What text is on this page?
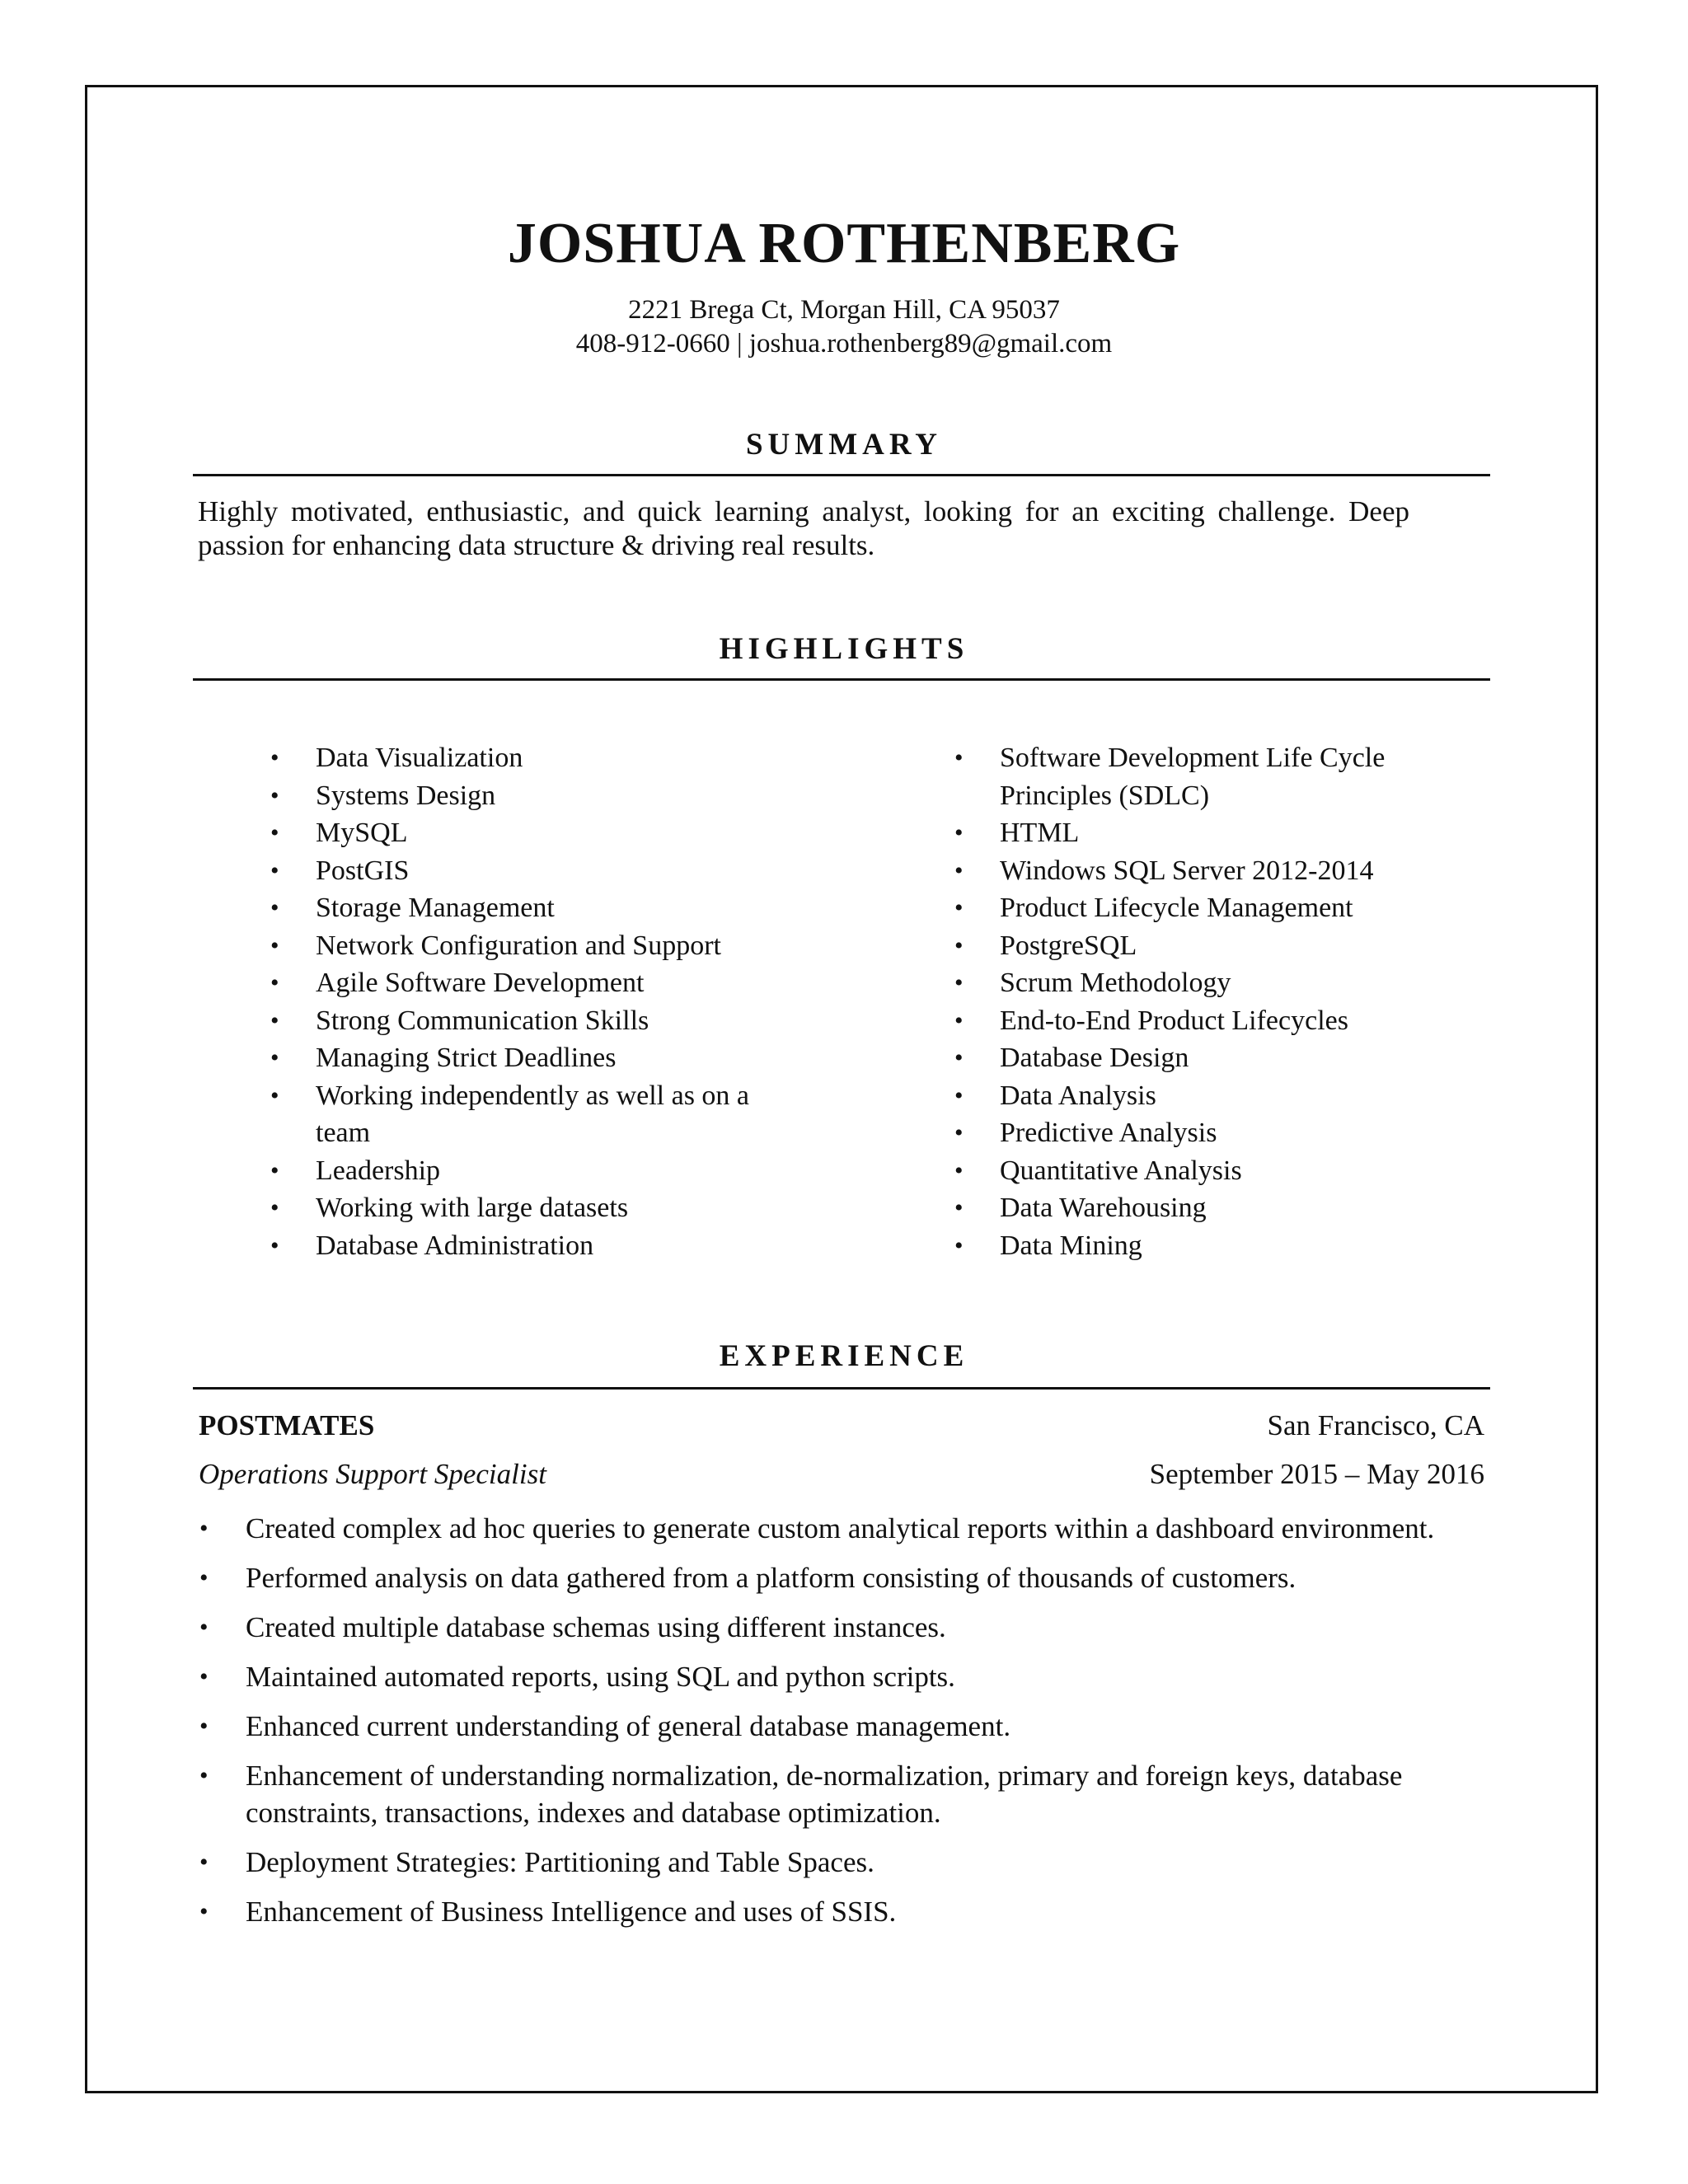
JOSHUA ROTHENBERG
2221 Brega Ct, Morgan Hill, CA 95037
408-912-0660 | joshua.rothenberg89@gmail.com
SUMMARY

Highly motivated, enthusiastic, and quick learning analyst, looking for an exciting challenge. Deep passion for enhancing data structure & driving real results.

HIGHLIGHTS
• Data Visualization
• Systems Design
• MySQL
• PostGIS
• Storage Management
• Network Configuration and Support
• Agile Software Development
• Strong Communication Skills
• Managing Strict Deadlines
• Working independently as well as on a team
• Leadership
• Working with large datasets
• Database Administration
• Software Development Life Cycle Principles (SDLC)
• HTML
• Windows SQL Server 2012-2014
• Product Lifecycle Management
• PostgreSQL
• Scrum Methodology
• End-to-End Product Lifecycles
• Database Design
• Data Analysis
• Predictive Analysis
• Quantitative Analysis
• Data Warehousing
• Data Mining
EXPERIENCE
POSTMATES	San Francisco, CA
Operations Support Specialist	September 2015 – May 2016
• Created complex ad hoc queries to generate custom analytical reports within a dashboard environment.
• Performed analysis on data gathered from a platform consisting of thousands of customers.
• Created multiple database schemas using different instances.
• Maintained automated reports, using SQL and python scripts.
• Enhanced current understanding of general database management.
• Enhancement of understanding normalization, de-normalization, primary and foreign keys, database constraints, transactions, indexes and database optimization.
• Deployment Strategies: Partitioning and Table Spaces.
• Enhancement of Business Intelligence and uses of SSIS.
